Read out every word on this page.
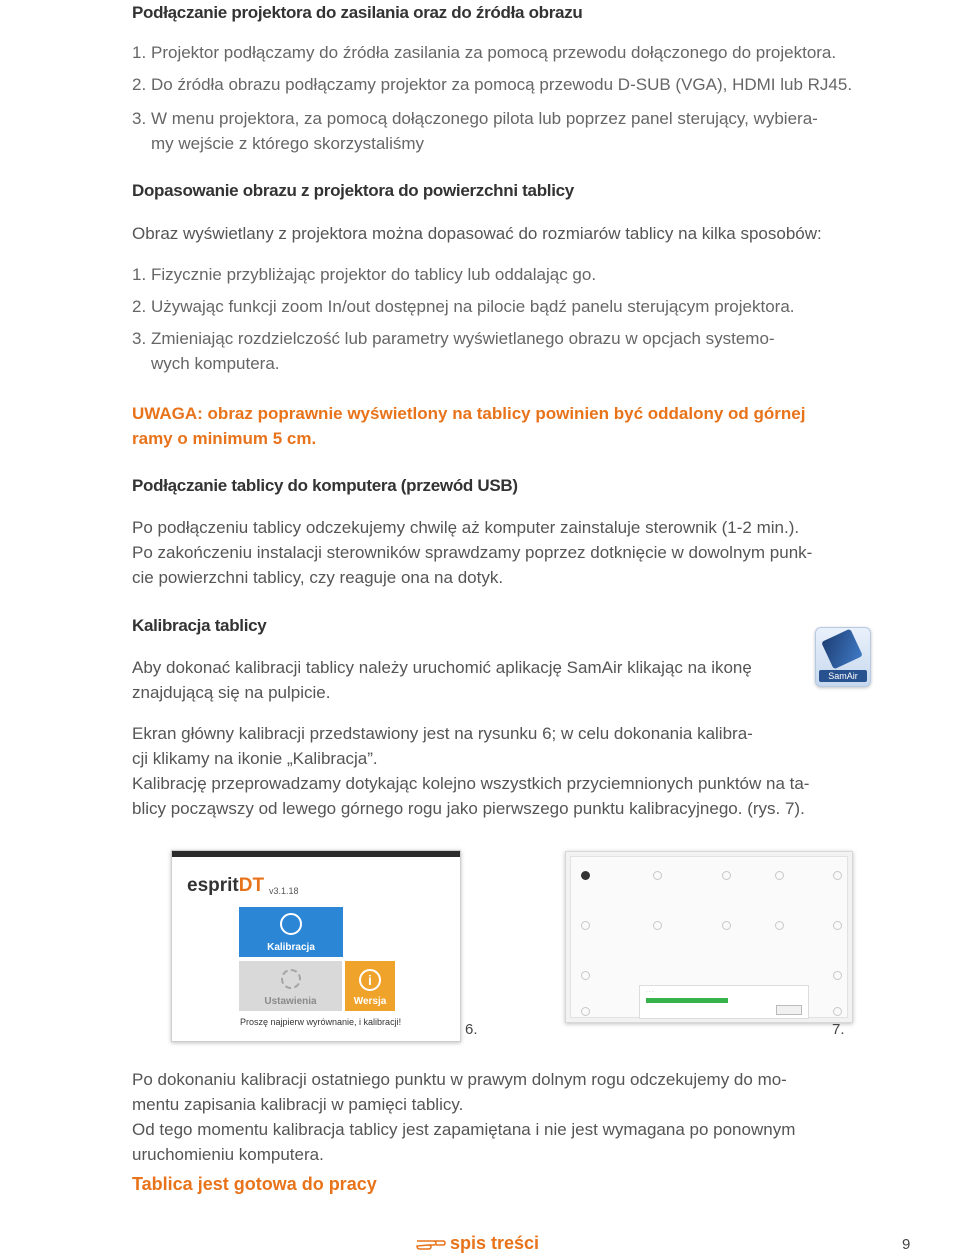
Podłączanie projektora do zasilania oraz do źródła obrazu
1. Projektor podłączamy do źródła zasilania za pomocą przewodu dołączonego do projektora.
2. Do źródła obrazu podłączamy projektor za pomocą przewodu D-SUB (VGA), HDMI lub RJ45.
3. W menu projektora, za pomocą dołączonego pilota lub poprzez panel sterujący, wybiera-
my wejście z którego skorzystaliśmy
Dopasowanie obrazu z projektora do powierzchni tablicy
Obraz wyświetlany z projektora można dopasować do rozmiarów tablicy na kilka sposobów:
1. Fizycznie przybliżając projektor do tablicy lub oddalając go.
2. Używając funkcji zoom In/out dostępnej na pilocie bądź panelu sterującym projektora.
3. Zmieniając rozdzielczość lub parametry wyświetlanego obrazu w opcjach systemo-
wych komputera.
UWAGA: obraz poprawnie wyświetlony na tablicy powinien być oddalony od górnej
ramy o minimum 5 cm.
Podłączanie tablicy do komputera (przewód USB)
Po podłączeniu tablicy odczekujemy chwilę aż komputer zainstaluje sterownik (1-2 min.).
Po zakończeniu instalacji sterowników sprawdzamy poprzez dotknięcie w dowolnym punk-
cie powierzchni tablicy, czy reaguje ona na dotyk.
Kalibracja tablicy
Aby dokonać kalibracji tablicy należy uruchomić aplikację SamAir klikając na ikonę
znajdującą się na pulpicie.
SamAir
Ekran główny kalibracji przedstawiony jest na rysunku 6; w celu dokonania kalibra-
cji klikamy na ikonie „Kalibracja”.
Kalibrację przeprowadzamy dotykając kolejno wszystkich przyciemnionych punktów na ta-
blicy począwszy od lewego górnego rogu jako pierwszego punktu kalibracyjnego. (rys. 7).
espritDT v3.1.18
Kalibracja
Ustawienia
i
Wersja
Proszę najpierw wyrównanie, i kalibracji!	6.
· · ·
7.
Po dokonaniu kalibracji ostatniego punktu w prawym dolnym rogu odczekujemy do mo-
mentu zapisania kalibracji w pamięci tablicy.
Od tego momentu kalibracja tablicy jest zapamiętana i nie jest wymagana po ponownym
uruchomieniu komputera.
Tablica jest gotowa do pracy
spis treści	9
